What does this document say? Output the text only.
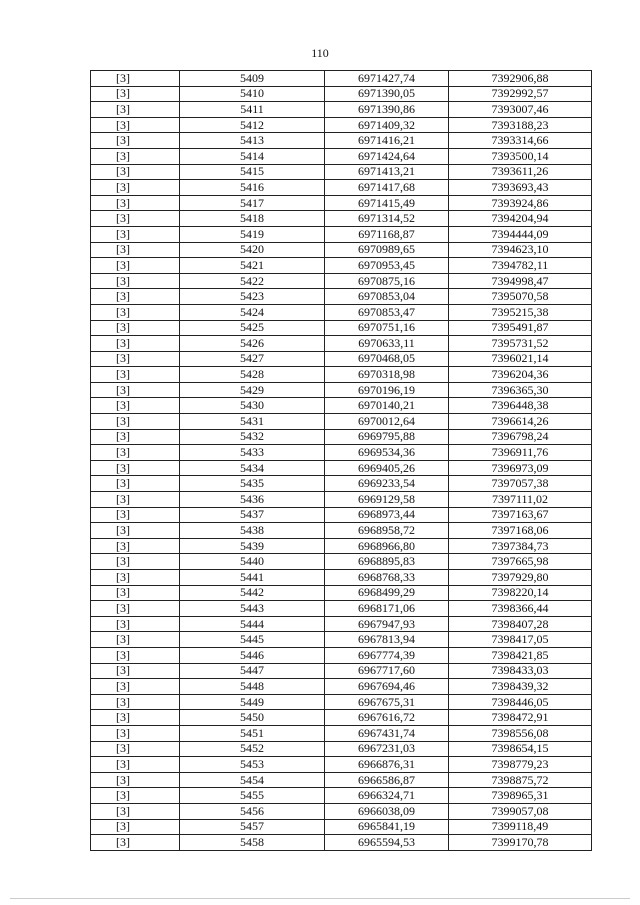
110
[3]	5409	6971427,74	7392906,88
[3]	5410	6971390,05	7392992,57
[3]	5411	6971390,86	7393007,46
[3]	5412	6971409,32	7393188,23
[3]	5413	6971416,21	7393314,66
[3]	5414	6971424,64	7393500,14
[3]	5415	6971413,21	7393611,26
[3]	5416	6971417,68	7393693,43
[3]	5417	6971415,49	7393924,86
[3]	5418	6971314,52	7394204,94
[3]	5419	6971168,87	7394444,09
[3]	5420	6970989,65	7394623,10
[3]	5421	6970953,45	7394782,11
[3]	5422	6970875,16	7394998,47
[3]	5423	6970853,04	7395070,58
[3]	5424	6970853,47	7395215,38
[3]	5425	6970751,16	7395491,87
[3]	5426	6970633,11	7395731,52
[3]	5427	6970468,05	7396021,14
[3]	5428	6970318,98	7396204,36
[3]	5429	6970196,19	7396365,30
[3]	5430	6970140,21	7396448,38
[3]	5431	6970012,64	7396614,26
[3]	5432	6969795,88	7396798,24
[3]	5433	6969534,36	7396911,76
[3]	5434	6969405,26	7396973,09
[3]	5435	6969233,54	7397057,38
[3]	5436	6969129,58	7397111,02
[3]	5437	6968973,44	7397163,67
[3]	5438	6968958,72	7397168,06
[3]	5439	6968966,80	7397384,73
[3]	5440	6968895,83	7397665,98
[3]	5441	6968768,33	7397929,80
[3]	5442	6968499,29	7398220,14
[3]	5443	6968171,06	7398366,44
[3]	5444	6967947,93	7398407,28
[3]	5445	6967813,94	7398417,05
[3]	5446	6967774,39	7398421,85
[3]	5447	6967717,60	7398433,03
[3]	5448	6967694,46	7398439,32
[3]	5449	6967675,31	7398446,05
[3]	5450	6967616,72	7398472,91
[3]	5451	6967431,74	7398556,08
[3]	5452	6967231,03	7398654,15
[3]	5453	6966876,31	7398779,23
[3]	5454	6966586,87	7398875,72
[3]	5455	6966324,71	7398965,31
[3]	5456	6966038,09	7399057,08
[3]	5457	6965841,19	7399118,49
[3]	5458	6965594,53	7399170,78
